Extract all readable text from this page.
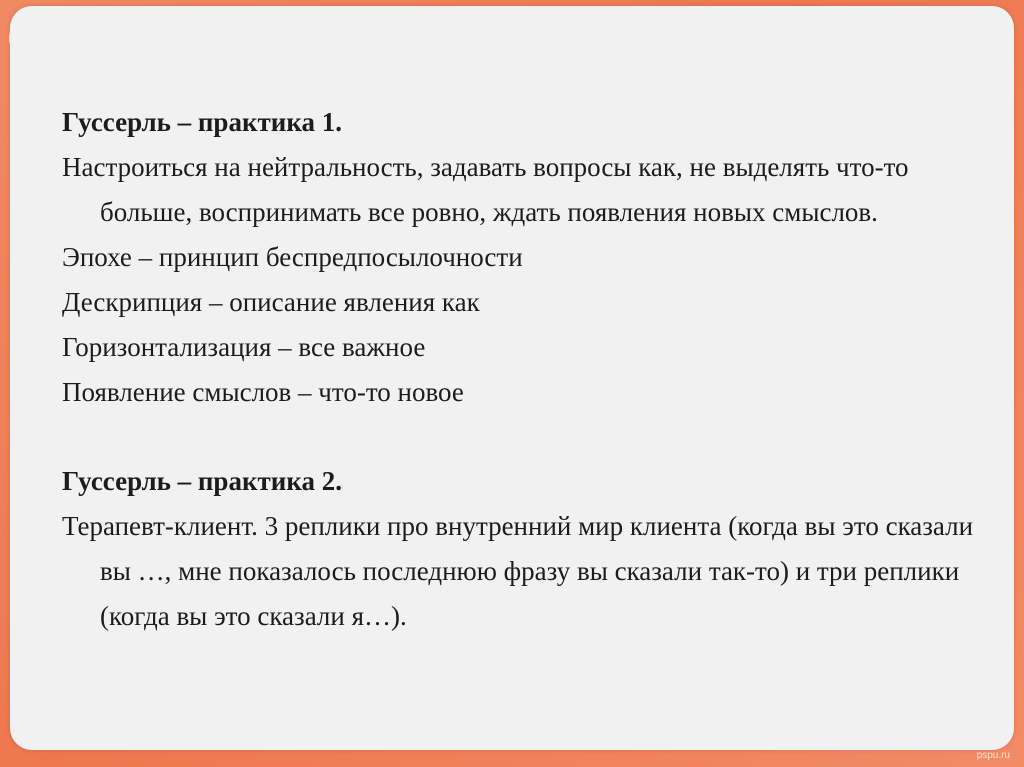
Гуссерль – практика 1.
Настроиться на нейтральность, задавать вопросы как, не выделять что-то больше, воспринимать все ровно, ждать появления новых смыслов.
Эпохе – принцип беспредпосылочности
Дескрипция – описание явления как
Горизонтализация – все важное
Появление смыслов – что-то новое
Гуссерль – практика 2.
Терапевт-клиент. 3 реплики про внутренний мир клиента (когда вы это сказали вы …, мне показалось последнюю фразу вы сказали так-то) и три реплики (когда вы это сказали я…).
pspu.ru
